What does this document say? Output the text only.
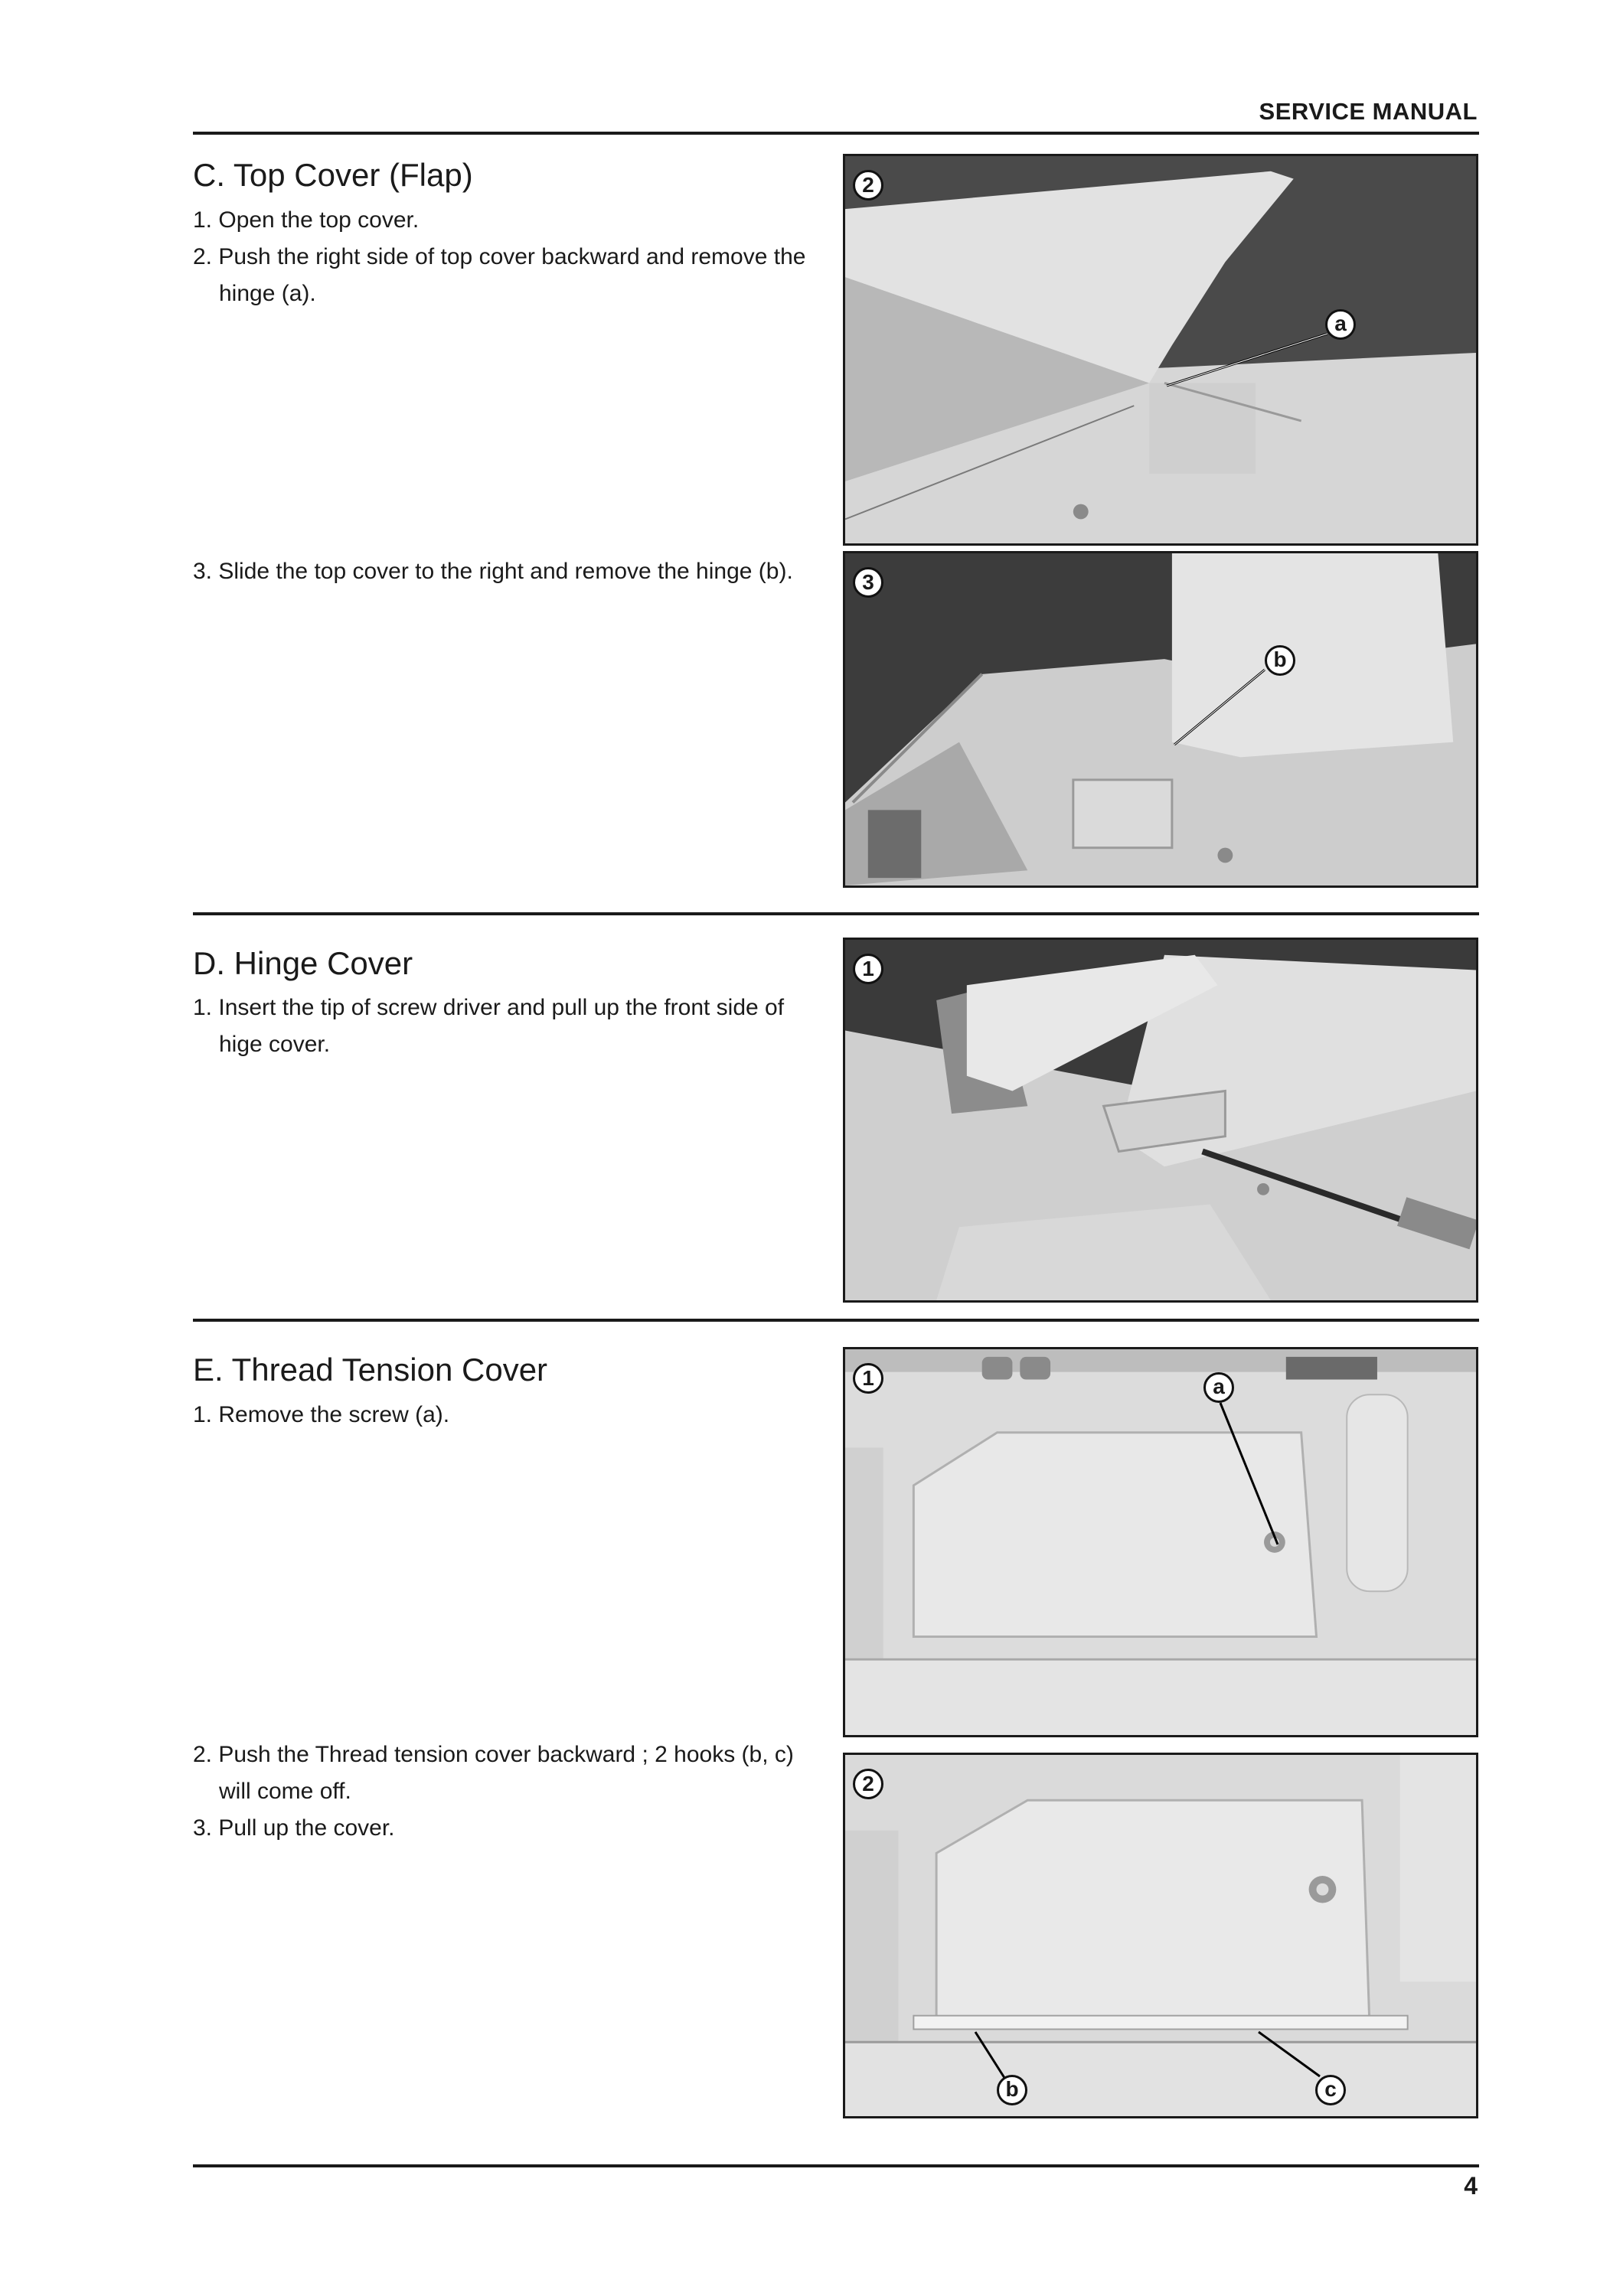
SERVICE MANUAL
C. Top Cover (Flap)
1. Open the top cover.
2. Push the right side of top cover backward and remove the hinge (a).
3. Slide the top cover to the right and remove the hinge (b).
2
a
3
b
D. Hinge Cover
1. Insert the tip of screw driver and pull up the front side of hige cover.
1
E. Thread Tension Cover
1. Remove the screw (a).
2. Push the Thread tension cover backward ; 2 hooks (b, c) will come off.
3. Pull up the cover.
1	a
2
b	c
4
